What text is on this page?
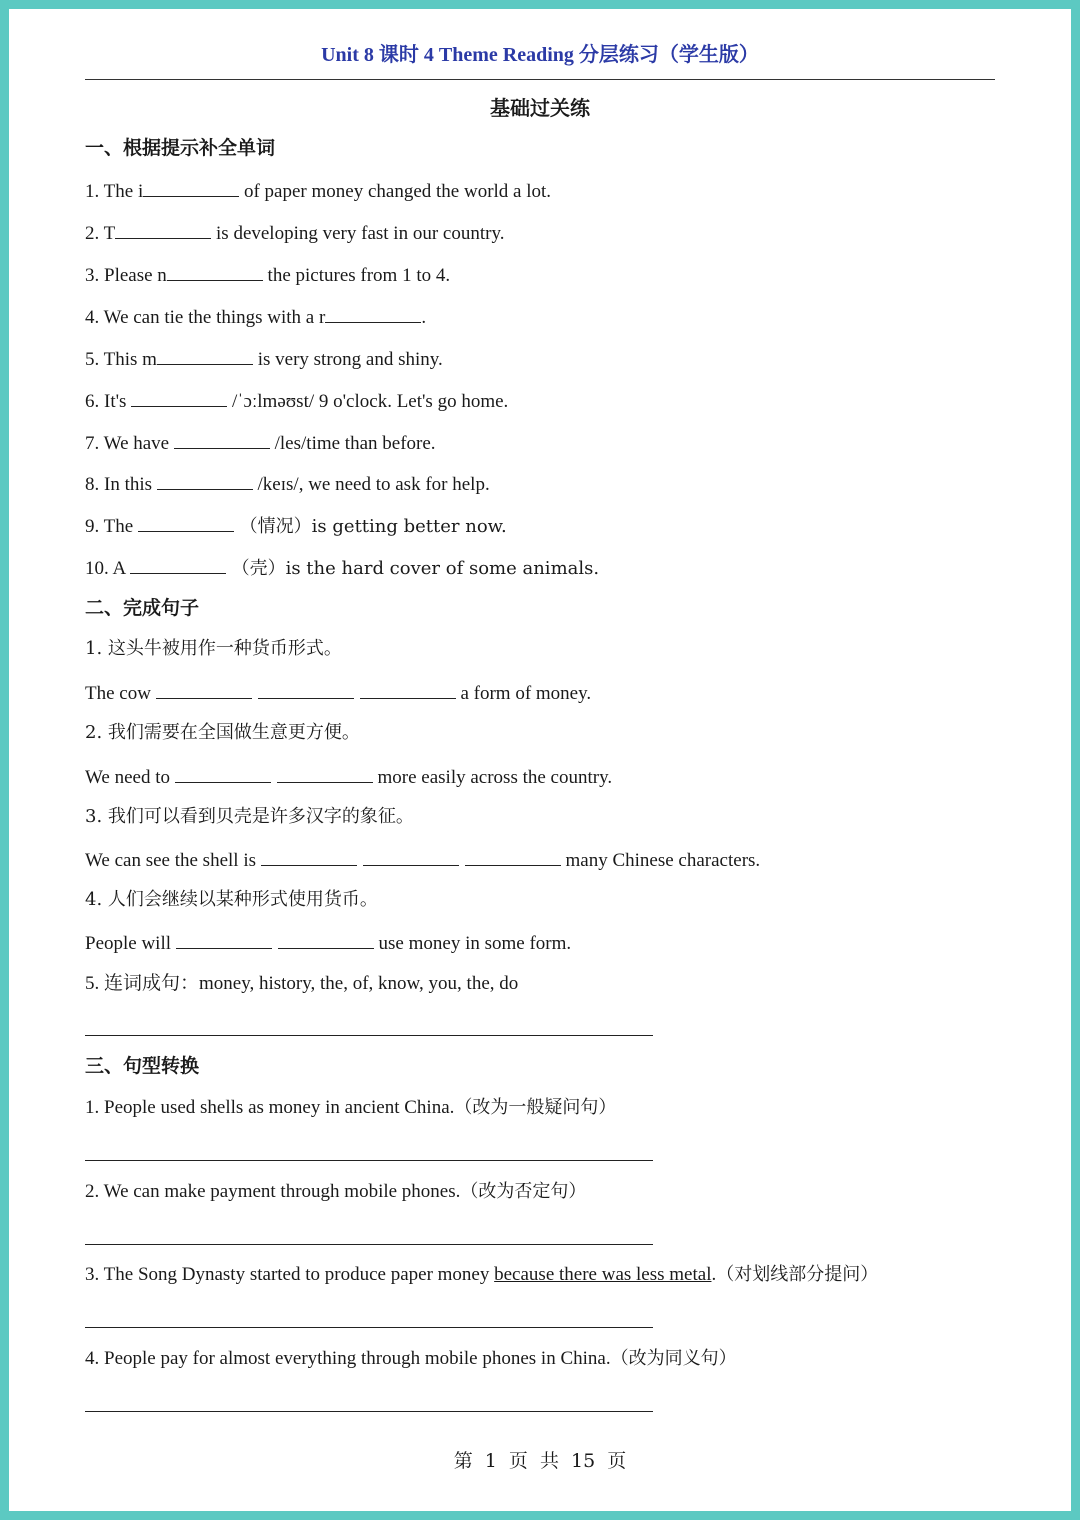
Unit 8 课时 4 Theme Reading 分层练习（学生版）
基础过关练
一、根据提示补全单词
1. The i	of paper money changed the world a lot.
2. T	is developing very fast in our country.
3. Please n	the pictures from 1 to 4.
4. We can tie the things with a r	.
5. This m	is very strong and shiny.
6. It's	/ˈɔːlməʊst/ 9 o'clock. Let's go home.
7. We have	/les/time than before.
8. In this	/keɪs/, we need to ask for help.
9. The	（情况）is getting better now.
10. A	（壳）is the hard cover of some animals.
二、完成句子
1. 这头牛被用作一种货币形式。
The cow	a form of money.
2. 我们需要在全国做生意更方便。
We need to	more easily across the country.
3. 我们可以看到贝壳是许多汉字的象征。
We can see the shell is	many Chinese characters.
4. 人们会继续以某种形式使用货币。
People will	use money in some form.
5. 连词成句：money, history, the, of, know, you, the, do
三、句型转换
1. People used shells as money in ancient China.（改为一般疑问句）
2. We can make payment through mobile phones.（改为否定句）
3. The Song Dynasty started to produce paper money because there was less metal.（对划线部分提问）
4. People pay for almost everything through mobile phones in China.（改为同义句）
第 1 页 共 15 页
